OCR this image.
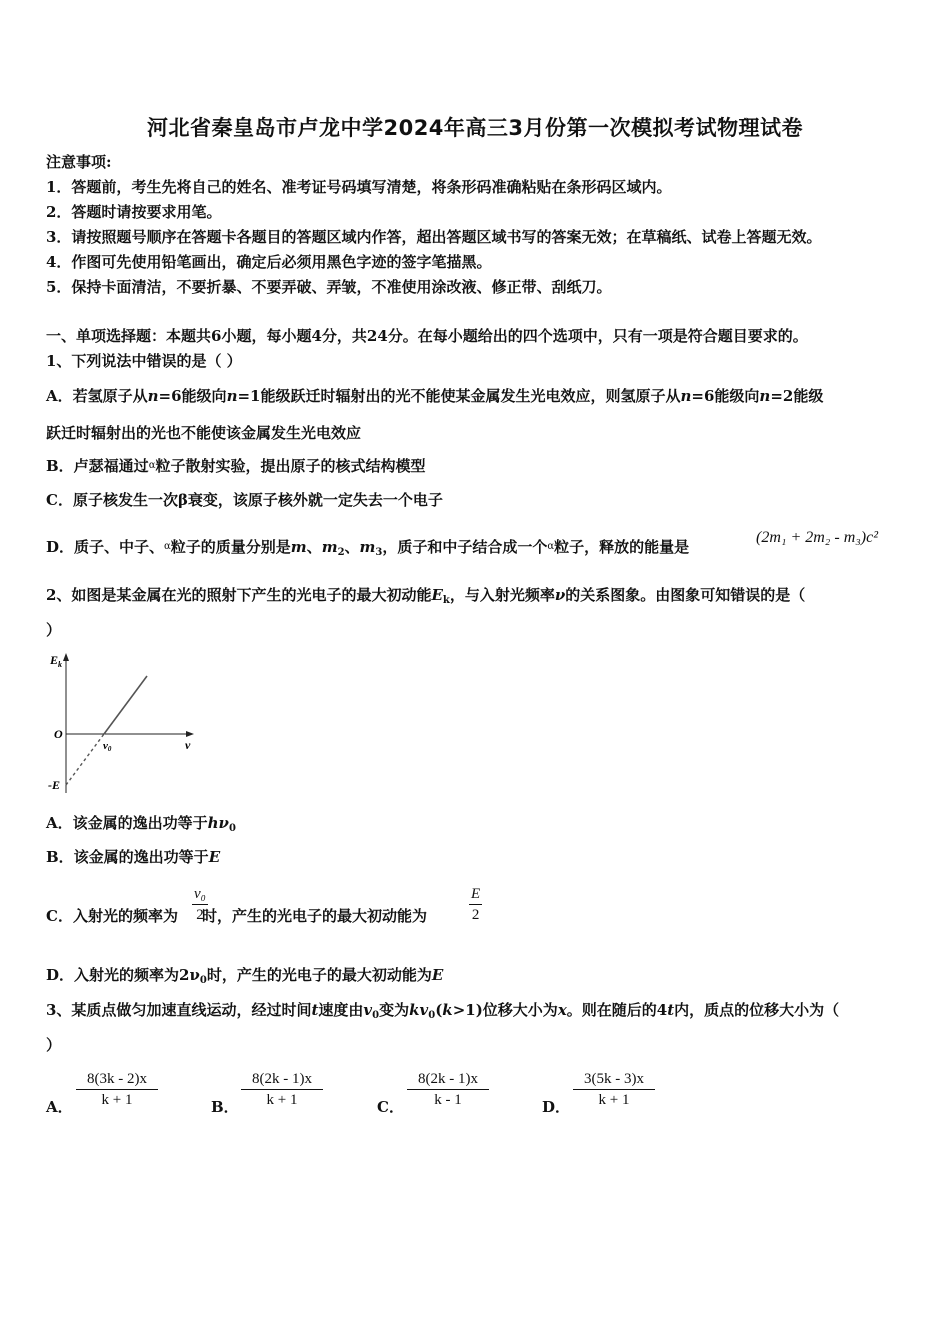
河北省秦皇岛市卢龙中学2024年高三3月份第一次模拟考试物理试卷
注意事项:
1．答题前，考生先将自己的姓名、准考证号码填写清楚，将条形码准确粘贴在条形码区域内。
2．答题时请按要求用笔。
3．请按照题号顺序在答题卡各题目的答题区域内作答，超出答题区域书写的答案无效；在草稿纸、试卷上答题无效。
4．作图可先使用铅笔画出，确定后必须用黑色字迹的签字笔描黑。
5．保持卡面清洁，不要折暴、不要弄破、弄皱，不准使用涂改液、修正带、刮纸刀。
一、单项选择题：本题共6小题，每小题4分，共24分。在每小题给出的四个选项中，只有一项是符合题目要求的。
1、下列说法中错误的是（ ）
A．若氢原子从n=6能级向n=1能级跃迁时辐射出的光不能使某金属发生光电效应，则氢原子从n=6能级向n=2能级
跃迁时辐射出的光也不能使该金属发生光电效应
B．卢瑟福通过$^\alpha$粒子散射实验，提出原子的核式结构模型
C．原子核发生一次β衰变，该原子核外就一定失去一个电子
D．质子、中子、$^\alpha$粒子的质量分别是m、$m_2$、$m_3$，质子和中子结合成一个$^\alpha$粒子，释放的能量是
(2m₁ + 2m₂ - m₃)c²
2、如图是某金属在光的照射下产生的光电子的最大初动能$E_k$，与入射光频率ν的关系图象。由图象可知错误的是（
）
$E_k$
ν
O
ν0
-E
A．该金属的逸出功等于$h\nu_0$
B．该金属的逸出功等于E
C．入射光的频率为 时，产生的光电子的最大初动能为
ν₀
2
E
2
D．入射光的频率为$2\nu_0$时，产生的光电子的最大初动能为E
3、某质点做匀加速直线运动，经过时间t速度由$v_0$变为$kv_0(k>1)$位移大小为x。则在随后的4t内，质点的位移大小为（
）
A．
8(3k - 2)x
k + 1	B．
8(2k - 1)x
k + 1	C．
8(2k - 1)x
k - 1	D．
3(5k - 3)x
k + 1
